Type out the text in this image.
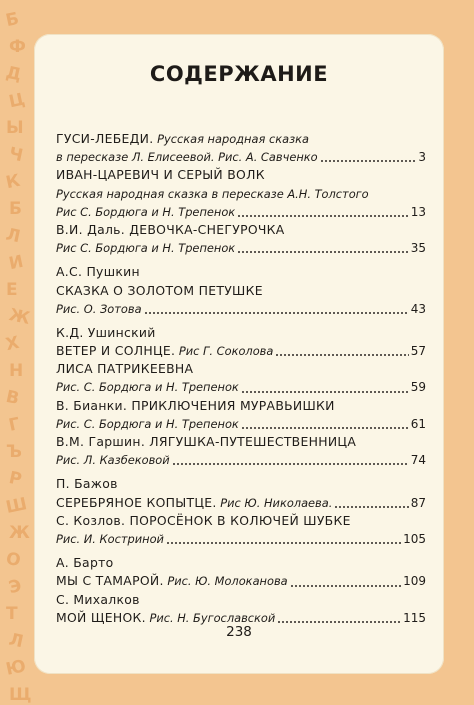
Б
Ф
Д
Ц
Ы
Ч
К
Б
Л
И
Е
Ж
Х
Н
В
Г
Ъ
Р
Ш
Ж
О
Э
Т
Л
Ю
Щ
СОДЕРЖАНИЕ
ГУСИ-ЛЕБЕДИ. Русская народная сказка
в пересказе Л. Елисеевой. Рис. А. Савченко	3
ИВАН-ЦАРЕВИЧ И СЕРЫЙ ВОЛК
Русская народная сказка в пересказе А.Н. Толстого
Рис С. Бордюга и Н. Трепенок	13
В.И. Даль. ДЕВОЧКА-СНЕГУРОЧКА
Рис С. Бордюга и Н. Трепенок	35
А.С. Пушкин
СКАЗКА О ЗОЛОТОМ ПЕТУШКЕ
Рис. О. Зотова	43
К.Д. Ушинский
ВЕТЕР И СОЛНЦЕ. Рис Г. Соколова	57
ЛИСА ПАТРИКЕЕВНА
Рис. С. Бордюга и Н. Трепенок	59
В. Бианки. ПРИКЛЮЧЕНИЯ МУРАВЬИШКИ
Рис. С. Бордюга и Н. Трепенок	61
В.М. Гаршин. ЛЯГУШКА-ПУТЕШЕСТВЕННИЦА
Рис. Л. Казбековой	74
П. Бажов
СЕРЕБРЯНОЕ КОПЫТЦЕ. Рис Ю. Николаева.	87
С. Козлов. ПОРОСЁНОК В КОЛЮЧЕЙ ШУБКЕ
Рис. И. Костриной	105
А. Барто
МЫ С ТАМАРОЙ. Рис. Ю. Молоканова	109
С. Михалков
МОЙ ЩЕНОК. Рис. Н. Бугославской	115
238
